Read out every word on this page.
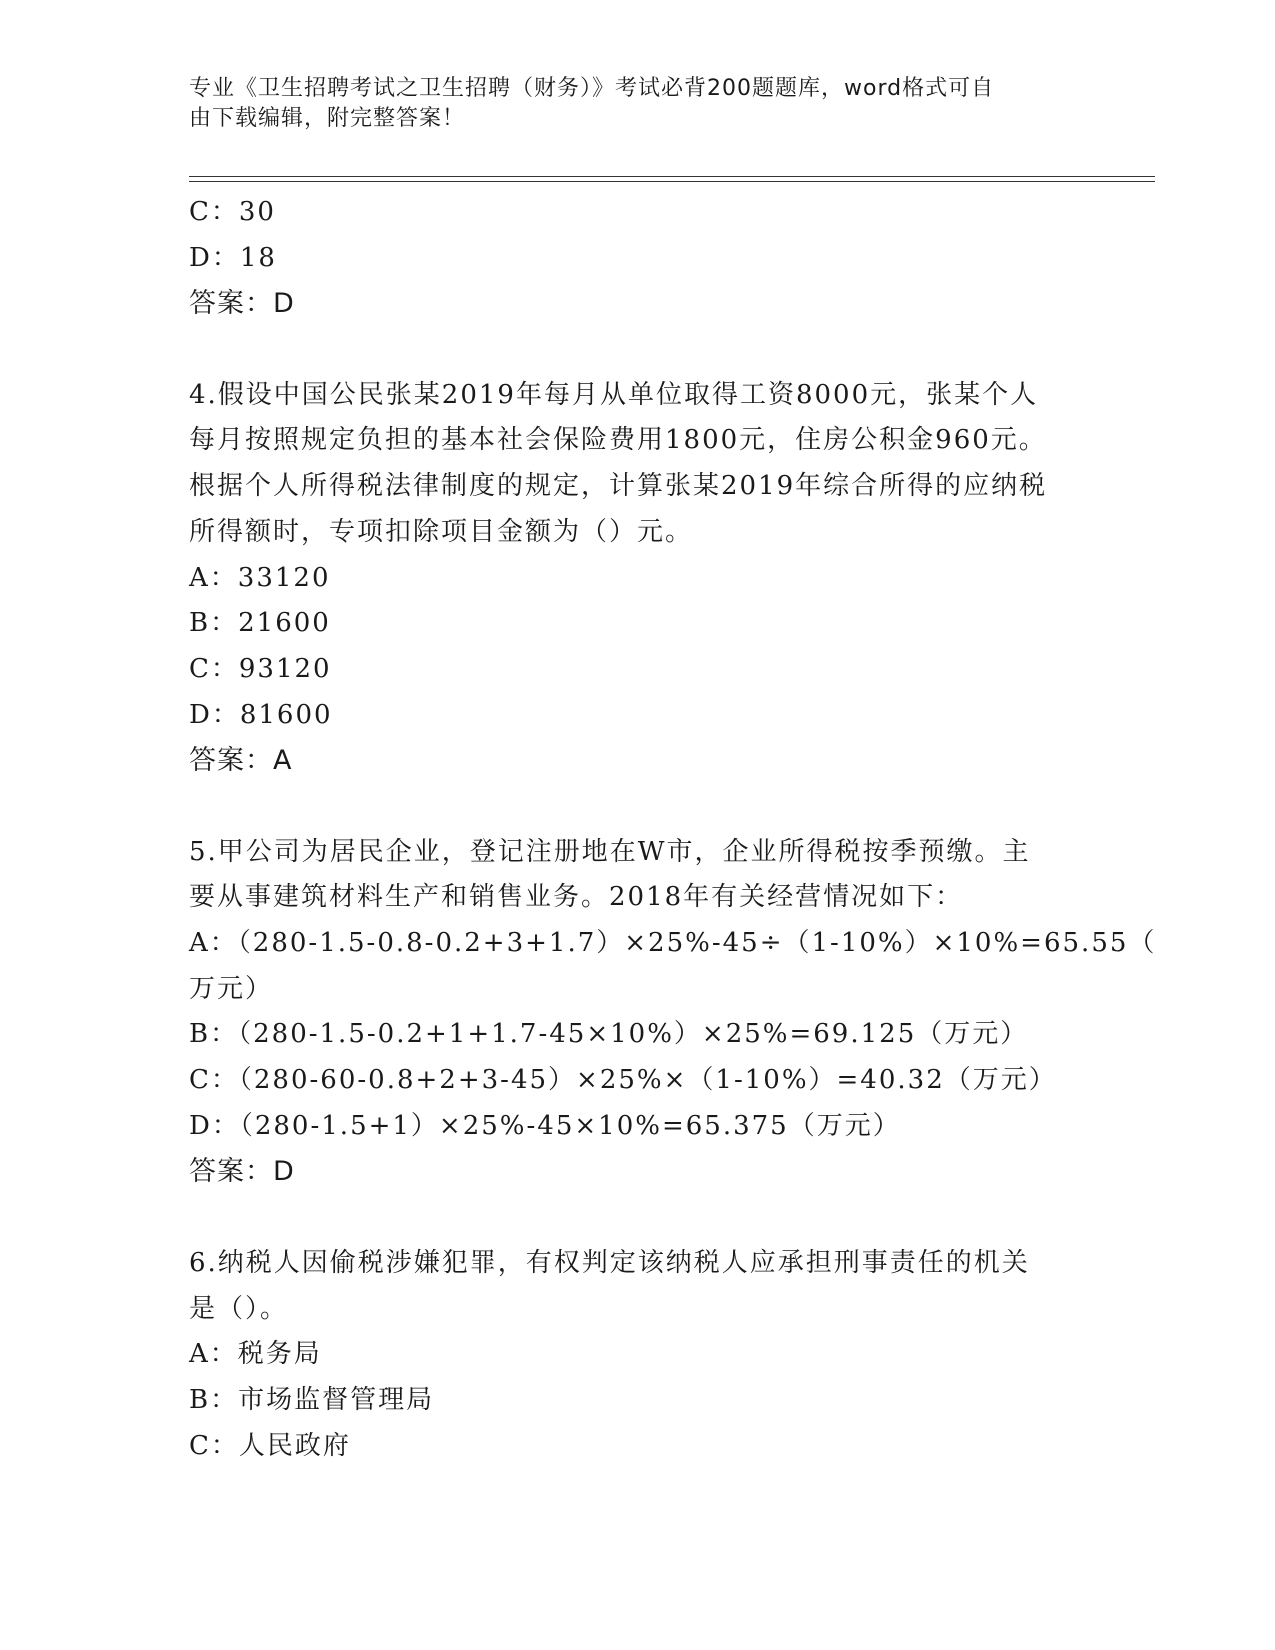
专业《卫生招聘考试之卫生招聘（财务）》考试必背200题题库，word格式可自
由下载编辑，附完整答案！
C：30
D：18
答案：D
4.假设中国公民张某2019年每月从单位取得工资8000元，张某个人
每月按照规定负担的基本社会保险费用1800元，住房公积金960元。
根据个人所得税法律制度的规定，计算张某2019年综合所得的应纳税
所得额时，专项扣除项目金额为（）元。
A：33120
B：21600
C：93120
D：81600
答案：A
5.甲公司为居民企业，登记注册地在W市，企业所得税按季预缴。主
要从事建筑材料生产和销售业务。2018年有关经营情况如下：
A：（280-1.5-0.8-0.2+3+1.7）×25%-45÷（1-10%）×10%=65.55（
万元）
B：（280-1.5-0.2+1+1.7-45×10%）×25%=69.125（万元）
C：（280-60-0.8+2+3-45）×25%×（1-10%）=40.32（万元）
D：（280-1.5+1）×25%-45×10%=65.375（万元）
答案：D
6.纳税人因偷税涉嫌犯罪，有权判定该纳税人应承担刑事责任的机关
是（）。
A：税务局
B：市场监督管理局
C：人民政府
